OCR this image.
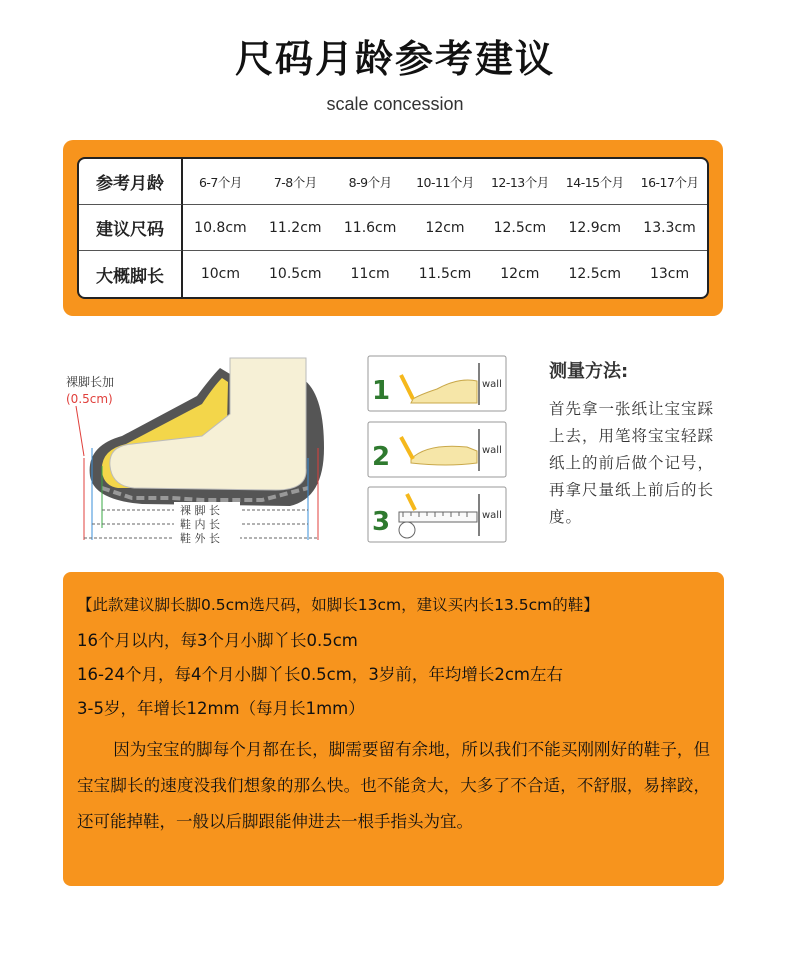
尺码月龄参考建议
scale concession
参考月龄	6-7个月	7-8个月	8-9个月	10-11个月	12-13个月	14-15个月	16-17个月
建议尺码	10.8cm	11.2cm	11.6cm	12cm	12.5cm	12.9cm	13.3cm
大概脚长	10cm	10.5cm	11cm	11.5cm	12cm	12.5cm	13cm
裸脚长加
(0.5cm)
裸 脚 长
鞋 内 长
鞋 外 长
1	wall
2	wall
3	wall
测量方法:
首先拿一张纸让宝宝踩上去，用笔将宝宝轻踩纸上的前后做个记号，再拿尺量纸上前后的长度。
【此款建议脚长脚0.5cm选尺码，如脚长13cm，建议买内长13.5cm的鞋】
16个月以内，每3个月小脚丫长0.5cm
16-24个月，每4个月小脚丫长0.5cm，3岁前，年均增长2cm左右
3-5岁，年增长12mm（每月长1mm）
因为宝宝的脚每个月都在长，脚需要留有余地，所以我们不能买刚刚好的鞋子，但宝宝脚长的速度没我们想象的那么快。也不能贪大，大多了不合适，不舒服，易摔跤，还可能掉鞋，一般以后脚跟能伸进去一根手指头为宜。
